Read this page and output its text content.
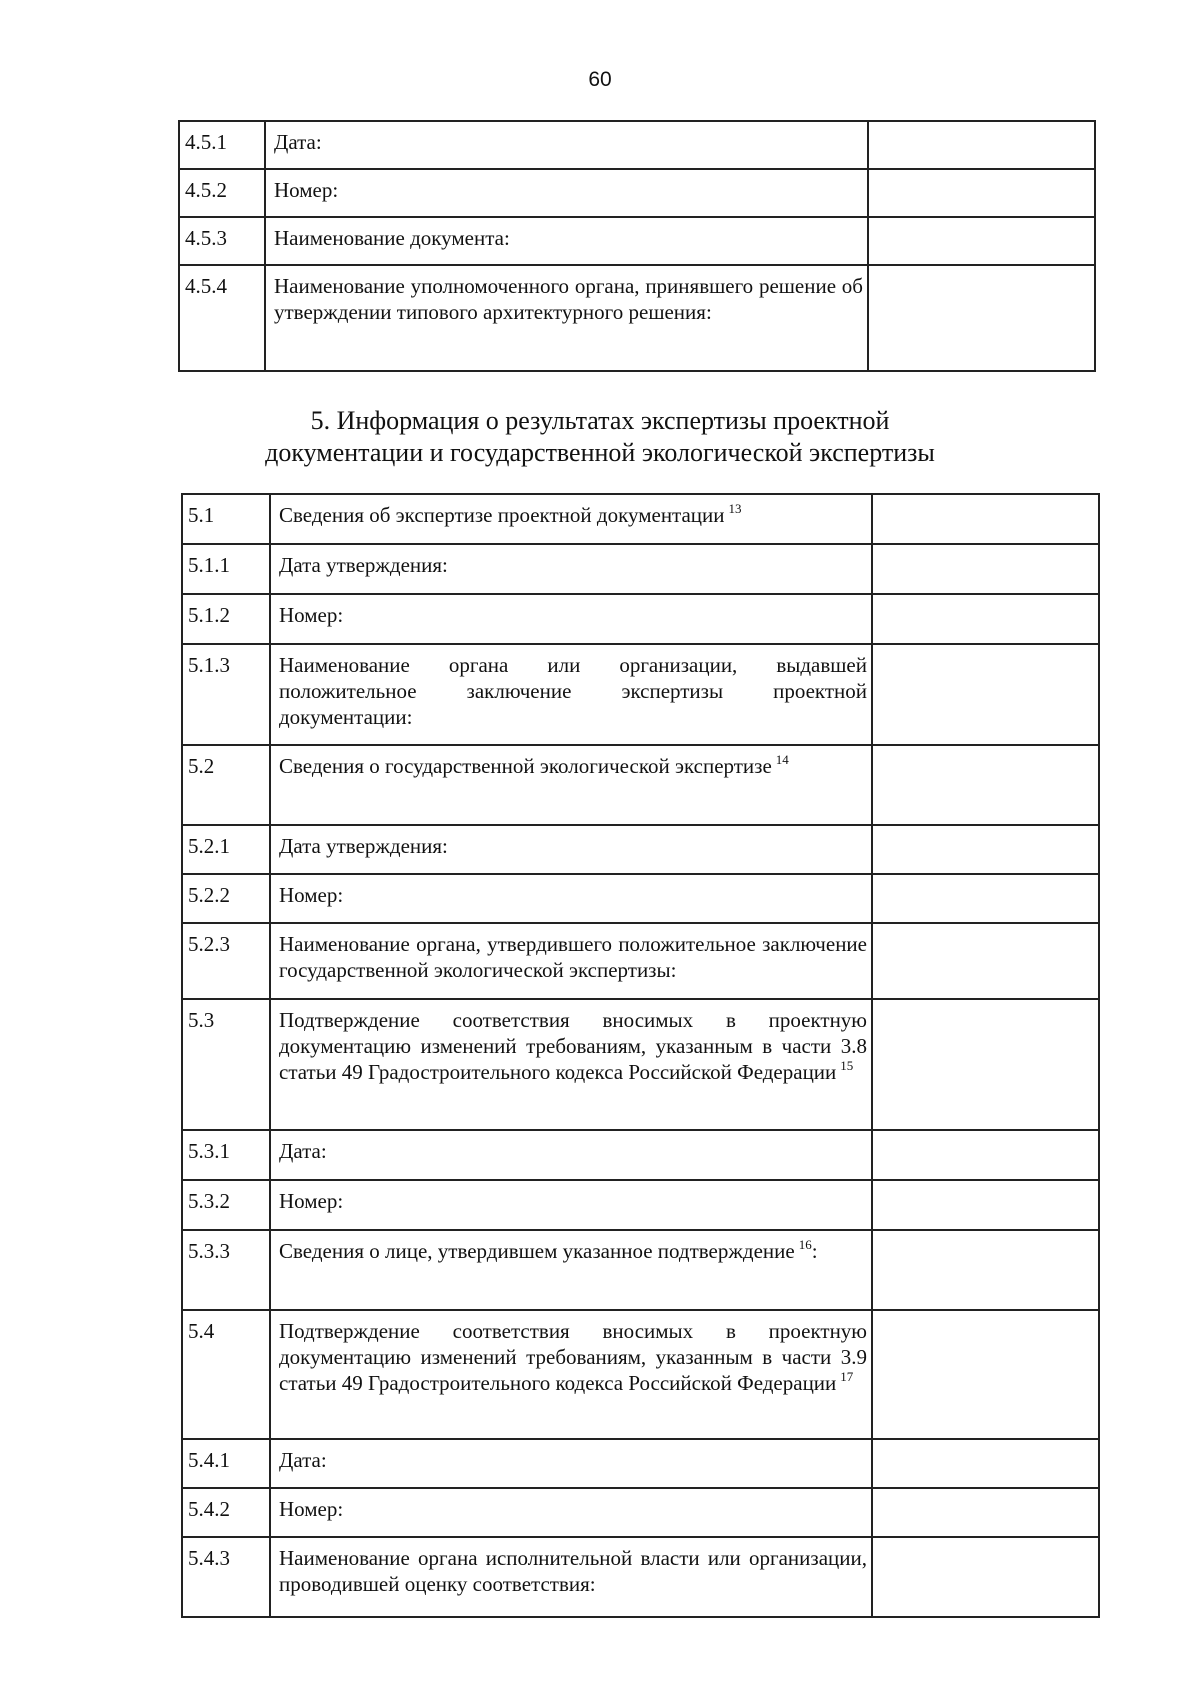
60
4.5.1	Дата:	
4.5.2	Номер:	
4.5.3	Наименование документа:	
4.5.4	Наименование уполномоченного органа, принявшего решение об утверждении типового архитектурного решения:	
5. Информация о результатах экспертизы проектной
документации и государственной экологической экспертизы
5.1	Сведения об экспертизе проектной документации $^{13}$	
5.1.1	Дата утверждения:	
5.1.2	Номер:	
5.1.3	Наименование органа или организации, выдавшей положительное заключение экспертизы проектной документации:	
5.2	Сведения о государственной экологической экспертизе $^{14}$	
5.2.1	Дата утверждения:	
5.2.2	Номер:	
5.2.3	Наименование органа, утвердившего положительное заключение государственной экологической экспертизы:	
5.3	Подтверждение соответствия вносимых в проектную документацию изменений требованиям, указанным в части 3.8 статьи 49 Градостроительного кодекса Российской Федерации $^{15}$	
5.3.1	Дата:	
5.3.2	Номер:	
5.3.3	Сведения о лице, утвердившем указанное подтверждение $^{16}$:	
5.4	Подтверждение соответствия вносимых в проектную документацию изменений требованиям, указанным в части 3.9 статьи 49 Градостроительного кодекса Российской Федерации $^{17}$	
5.4.1	Дата:	
5.4.2	Номер:	
5.4.3	Наименование органа исполнительной власти или организации, проводившей оценку соответствия:	
